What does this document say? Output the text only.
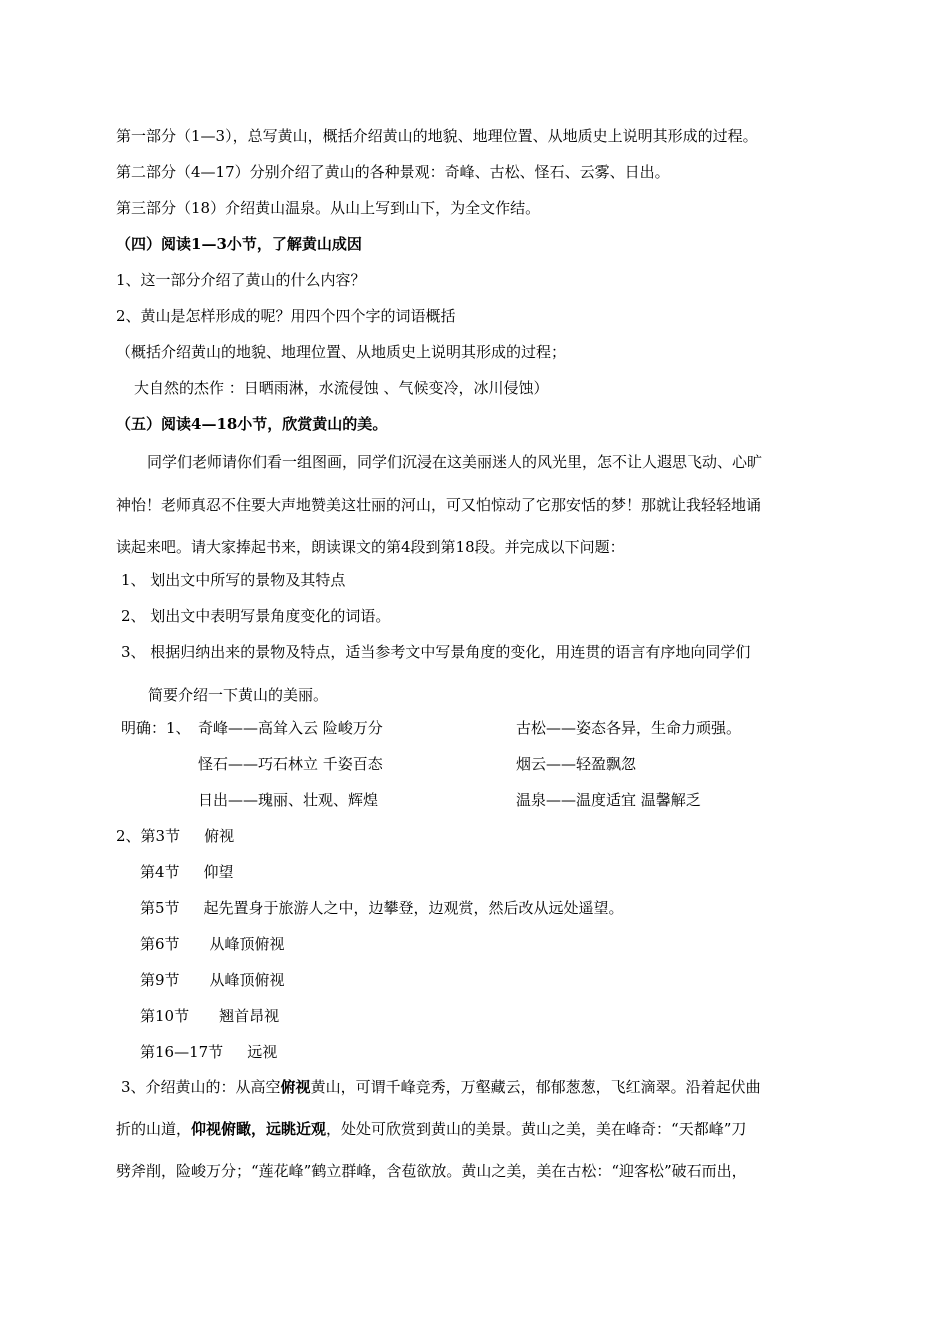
第一部分（1—3），总写黄山，概括介绍黄山的地貌、地理位置、从地质史上说明其形成的过程。
第二部分（4—17）分别介绍了黄山的各种景观：奇峰、古松、怪石、云雾、日出。
第三部分（18）介绍黄山温泉。从山上写到山下，为全文作结。
（四）阅读1—3小节，了解黄山成因
1、这一部分介绍了黄山的什么内容？
2、黄山是怎样形成的呢？用四个四个字的词语概括
（概括介绍黄山的地貌、地理位置、从地质史上说明其形成的过程；
大自然的杰作 ：日晒雨淋，水流侵蚀 、气候变冷，冰川侵蚀）
（五）阅读4—18小节，欣赏黄山的美。
同学们老师请你们看一组图画，同学们沉浸在这美丽迷人的风光里，怎不让人遐思飞动、心旷
神怡！老师真忍不住要大声地赞美这壮丽的河山，可又怕惊动了它那安恬的梦！那就让我轻轻地诵
读起来吧。请大家捧起书来，朗读课文的第4段到第18段。并完成以下问题：
1、 划出文中所写的景物及其特点
2、 划出文中表明写景角度变化的词语。
3、 根据归纳出来的景物及特点，适当参考文中写景角度的变化，用连贯的语言有序地向同学们
简要介绍一下黄山的美丽。
明确：1、 奇峰——高耸入云 险峻万分	古松——姿态各异，生命力顽强。
怪石——巧石林立 千姿百态	烟云——轻盈飘忽
日出——瑰丽、壮观、辉煌	温泉——温度适宜 温馨解乏
2、第3节 俯视
第4节 仰望
第5节 起先置身于旅游人之中，边攀登，边观赏，然后改从远处遥望。
第6节 从峰顶俯视
第9节 从峰顶俯视
第10节 翘首昂视
第16—17节 远视
3、介绍黄山的：从高空俯视黄山，可谓千峰竞秀，万壑藏云，郁郁葱葱，飞红滴翠。沿着起伏曲
折的山道，仰视俯瞰，远眺近观，处处可欣赏到黄山的美景。黄山之美，美在峰奇：“天都峰”刀
劈斧削，险峻万分；“莲花峰”鹤立群峰，含苞欲放。黄山之美，美在古松：“迎客松”破石而出，
